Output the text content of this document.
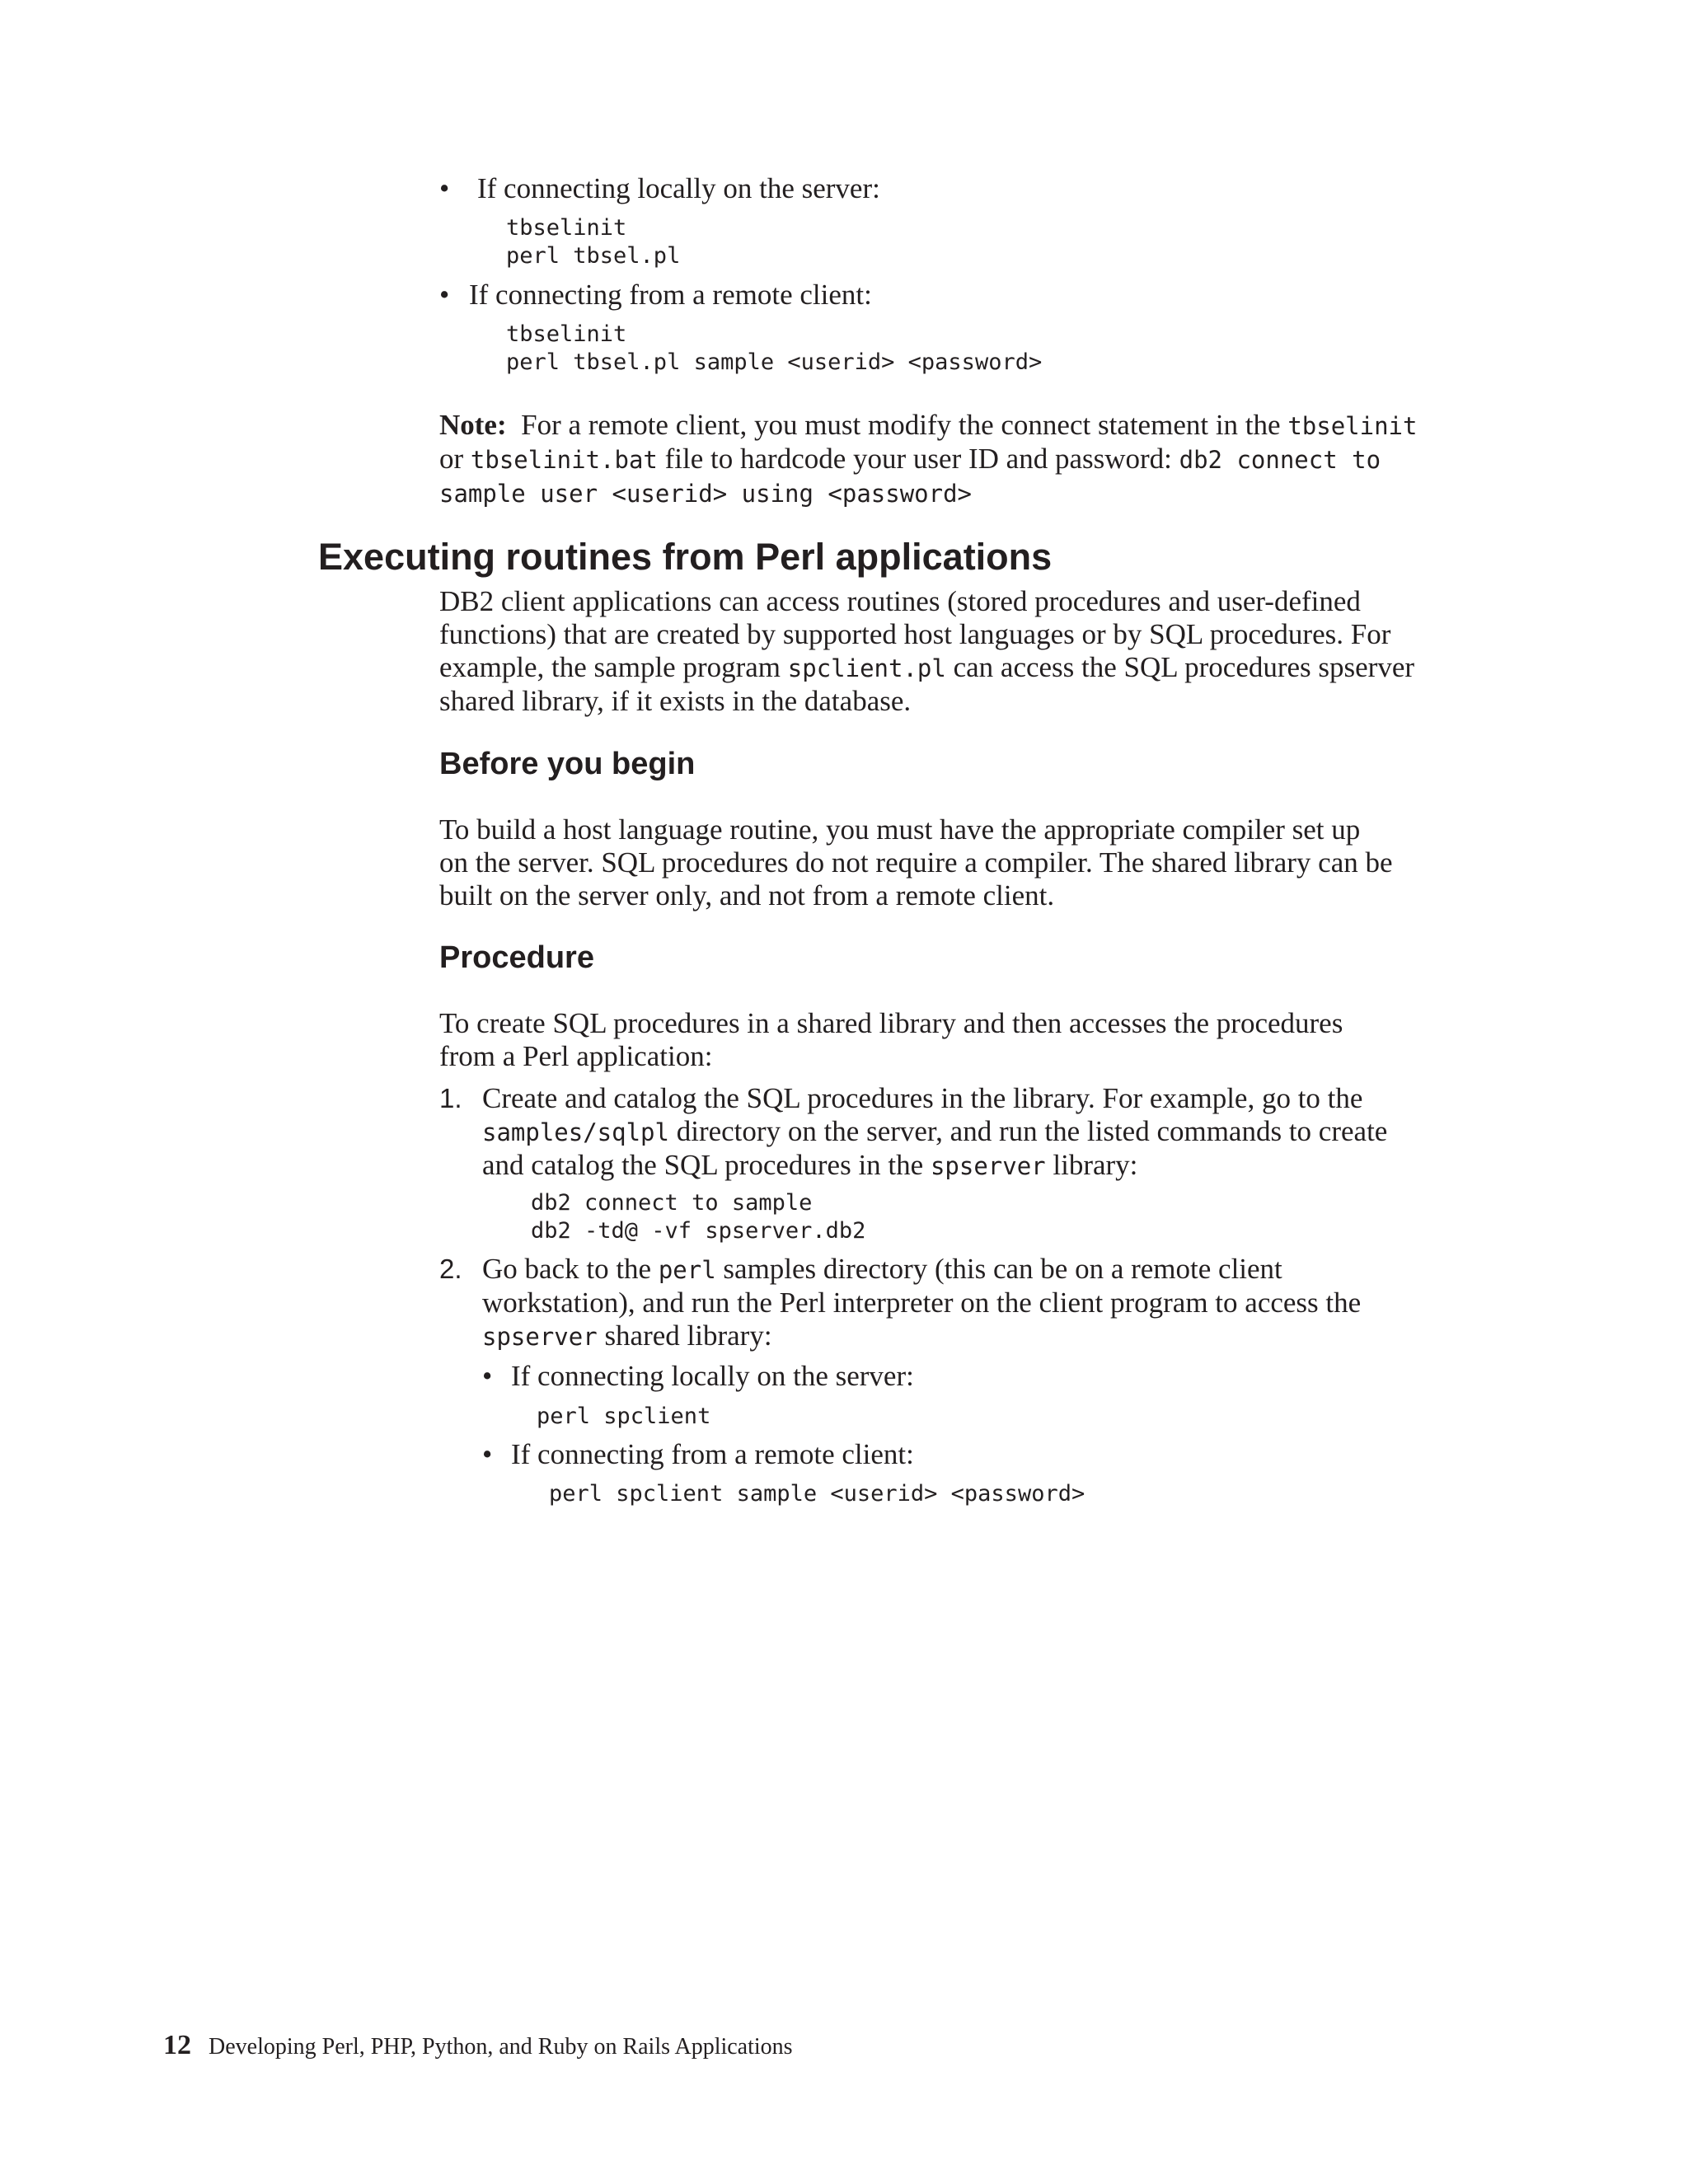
• If connecting locally on the server:
tbselinit
perl tbsel.pl
• If connecting from a remote client:
tbselinit
perl tbsel.pl sample <userid> <password>
Note: For a remote client, you must modify the connect statement in the tbselinit
or tbselinit.bat file to hardcode your user ID and password: db2 connect to
sample user <userid> using <password>
Executing routines from Perl applications
DB2 client applications can access routines (stored procedures and user-defined
functions) that are created by supported host languages or by SQL procedures. For
example, the sample program spclient.pl can access the SQL procedures spserver
shared library, if it exists in the database.
Before you begin
To build a host language routine, you must have the appropriate compiler set up
on the server. SQL procedures do not require a compiler. The shared library can be
built on the server only, and not from a remote client.
Procedure
To create SQL procedures in a shared library and then accesses the procedures
from a Perl application:
1. Create and catalog the SQL procedures in the library. For example, go to the
samples/sqlpl directory on the server, and run the listed commands to create
and catalog the SQL procedures in the spserver library:
db2 connect to sample
db2 -td@ -vf spserver.db2
2. Go back to the perl samples directory (this can be on a remote client
workstation), and run the Perl interpreter on the client program to access the
spserver shared library:
• If connecting locally on the server:
perl spclient
• If connecting from a remote client:
perl spclient sample <userid> <password>
12 Developing Perl, PHP, Python, and Ruby on Rails Applications
